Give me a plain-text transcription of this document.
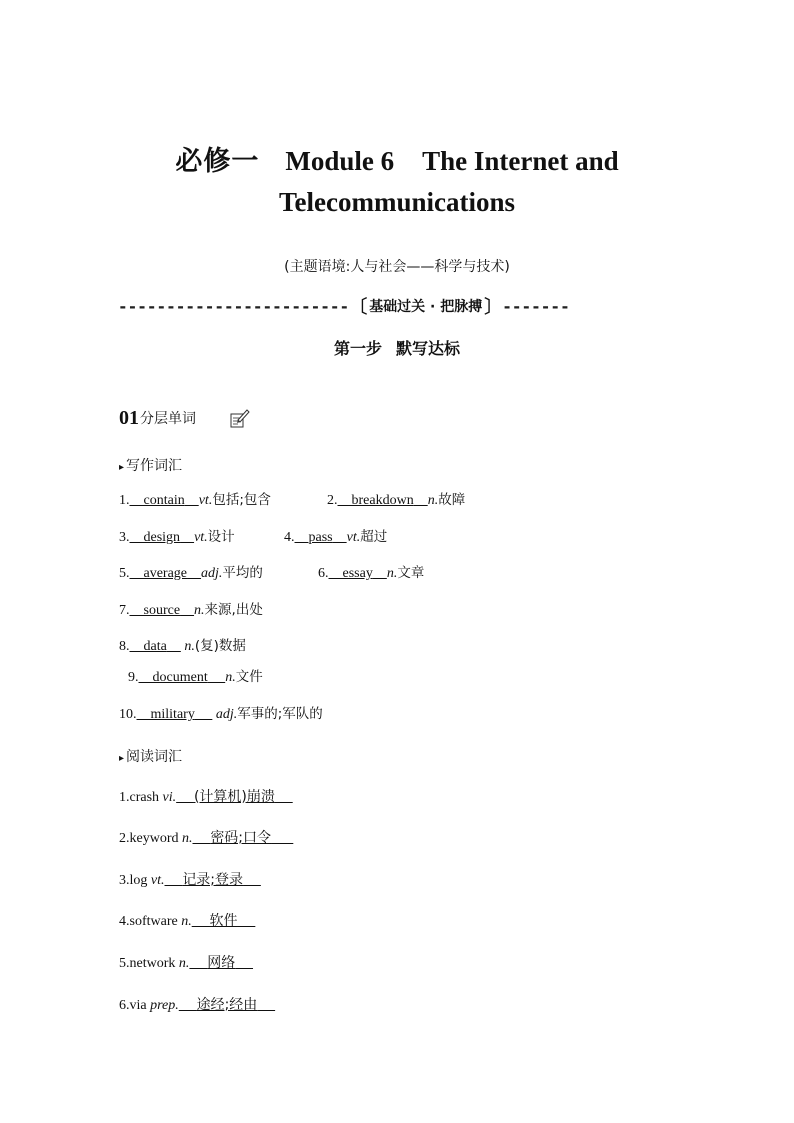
必修一 Module 6 The Internet and
Telecommunications
(主题语境:人与社会——科学与技术)
------------------------ 〔 基础过关 · 把脉搏 〕 -------
第一步 默写达标
01 分层单词
▸ 写作词汇
1. contain vt.包括;包含	2. breakdown n.故障
3. design vt.设计	4. pass vt.超过
5. average adj.平均的	6. essay n.文章
7. source n.来源,出处
8. data n.(复)数据
9. document n.文件
10. military adj.军事的;军队的
▸ 阅读词汇
1.crash vi. (计算机)崩溃
2.keyword n. 密码;口令
3.log vt. 记录;登录
4.software n. 软件
5.network n. 网络
6.via prep. 途经;经由
